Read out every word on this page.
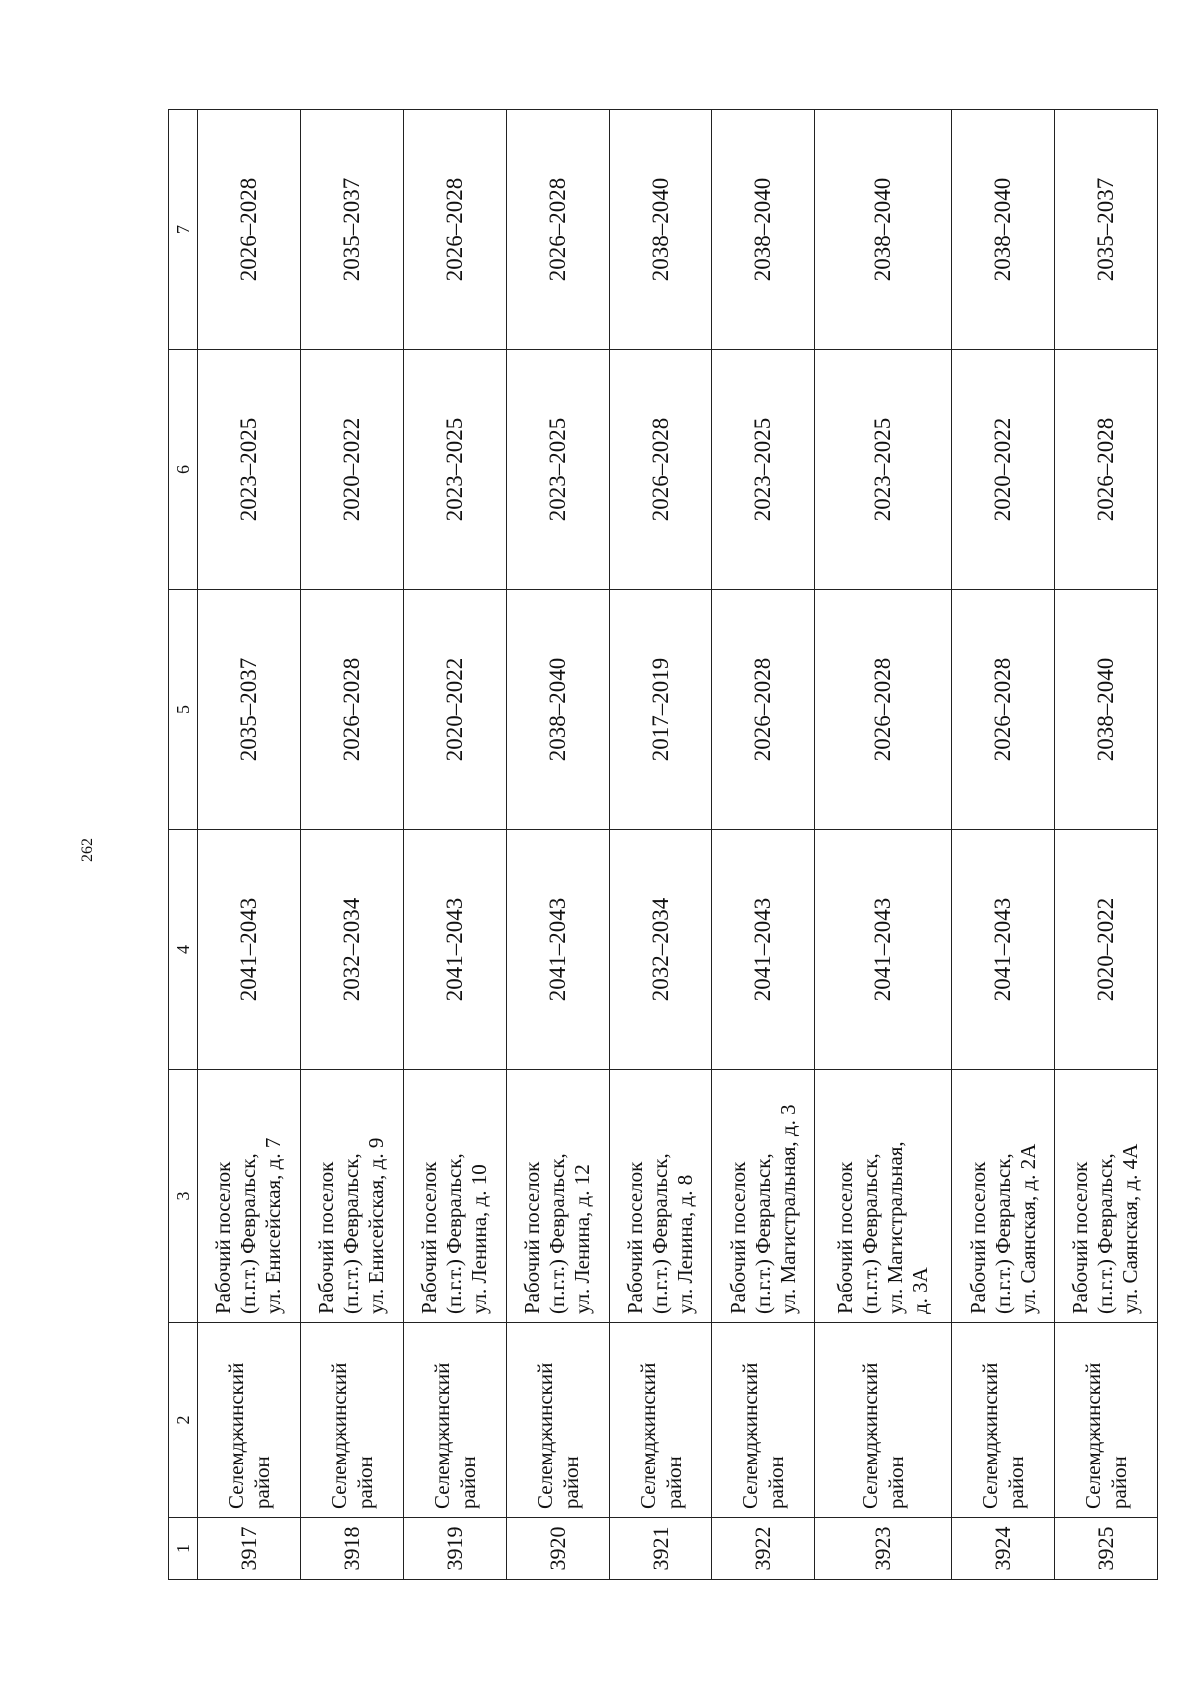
262
1	2	3	4	5	6	7
3917	Селемджинский район	Рабочий поселок (п.г.т.) Февральск, ул. Енисейская, д. 7	2041–2043	2035–2037	2023–2025	2026–2028
3918	Селемджинский район	Рабочий поселок (п.г.т.) Февральск, ул. Енисейская, д. 9	2032–2034	2026–2028	2020–2022	2035–2037
3919	Селемджинский район	Рабочий поселок (п.г.т.) Февральск, ул. Ленина, д. 10	2041–2043	2020–2022	2023–2025	2026–2028
3920	Селемджинский район	Рабочий поселок (п.г.т.) Февральск, ул. Ленина, д. 12	2041–2043	2038–2040	2023–2025	2026–2028
3921	Селемджинский район	Рабочий поселок (п.г.т.) Февральск, ул. Ленина, д. 8	2032–2034	2017–2019	2026–2028	2038–2040
3922	Селемджинский район	Рабочий поселок (п.г.т.) Февральск, ул. Магистральная, д. 3	2041–2043	2026–2028	2023–2025	2038–2040
3923	Селемджинский район	Рабочий поселок (п.г.т.) Февральск, ул. Магистральная, д. 3А	2041–2043	2026–2028	2023–2025	2038–2040
3924	Селемджинский район	Рабочий поселок (п.г.т.) Февральск, ул. Саянская, д. 2А	2041–2043	2026–2028	2020–2022	2038–2040
3925	Селемджинский район	Рабочий поселок (п.г.т.) Февральск, ул. Саянская, д. 4А	2020–2022	2038–2040	2026–2028	2035–2037
